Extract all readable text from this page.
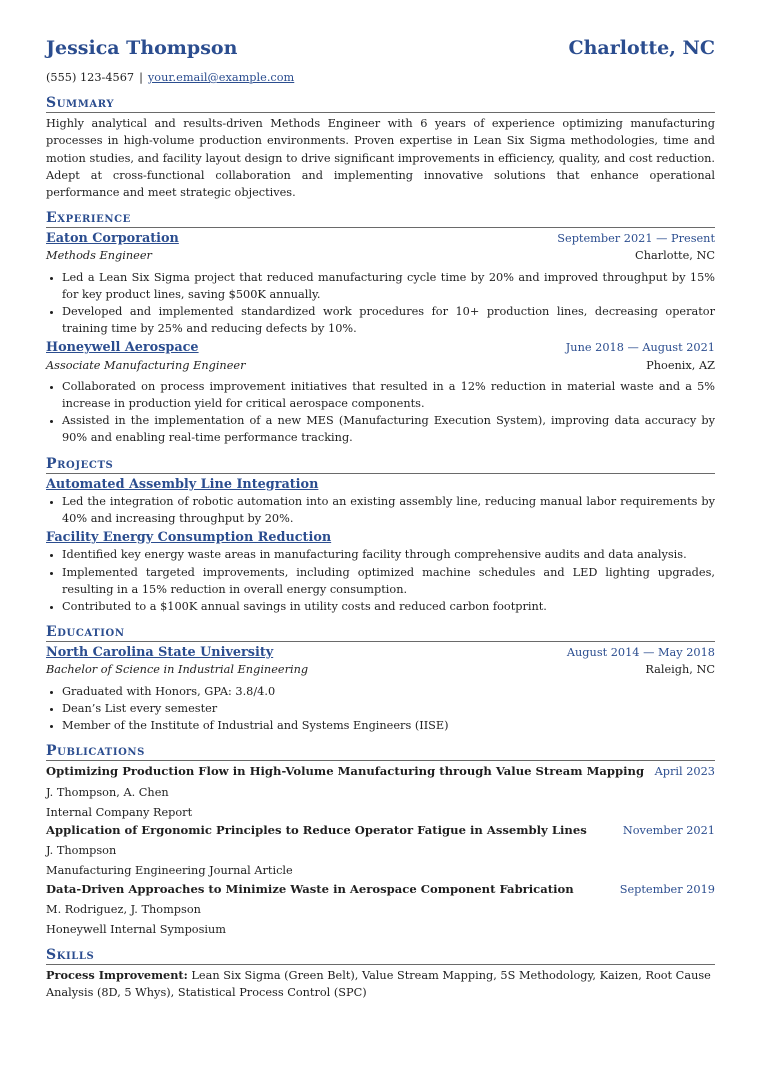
Jessica Thompson	Charlotte, NC
(555) 123-4567 | your.email@example.com
Summary
Highly analytical and results-driven Methods Engineer with 6 years of experience optimizing manufacturing processes in high-volume production environments. Proven expertise in Lean Six Sigma methodologies, time and motion studies, and facility layout design to drive significant improvements in efficiency, quality, and cost reduction. Adept at cross-functional collaboration and implementing innovative solutions that enhance operational performance and meet strategic objectives.
Experience
Eaton Corporation	September 2021 — Present
Methods Engineer	Charlotte, NC
• Led a Lean Six Sigma project that reduced manufacturing cycle time by 20% and improved throughput by 15% for key product lines, saving $500K annually.
• Developed and implemented standardized work procedures for 10+ production lines, decreasing operator training time by 25% and reducing defects by 10%.
Honeywell Aerospace	June 2018 — August 2021
Associate Manufacturing Engineer	Phoenix, AZ
• Collaborated on process improvement initiatives that resulted in a 12% reduction in material waste and a 5% increase in production yield for critical aerospace components.
• Assisted in the implementation of a new MES (Manufacturing Execution System), improving data accuracy by 90% and enabling real-time performance tracking.
Projects
Automated Assembly Line Integration
• Led the integration of robotic automation into an existing assembly line, reducing manual labor requirements by 40% and increasing throughput by 20%.
Facility Energy Consumption Reduction
• Identified key energy waste areas in manufacturing facility through comprehensive audits and data analysis.
• Implemented targeted improvements, including optimized machine schedules and LED lighting upgrades, resulting in a 15% reduction in overall energy consumption.
• Contributed to a $100K annual savings in utility costs and reduced carbon footprint.
Education
North Carolina State University	August 2014 — May 2018
Bachelor of Science in Industrial Engineering	Raleigh, NC
• Graduated with Honors, GPA: 3.8/4.0
• Dean’s List every semester
• Member of the Institute of Industrial and Systems Engineers (IISE)
Publications
Optimizing Production Flow in High-Volume Manufacturing through Value Stream Mapping April 2023
J. Thompson, A. Chen
Internal Company Report
Application of Ergonomic Principles to Reduce Operator Fatigue in Assembly Lines	November 2021
J. Thompson
Manufacturing Engineering Journal Article
Data-Driven Approaches to Minimize Waste in Aerospace Component Fabrication	September 2019
M. Rodriguez, J. Thompson
Honeywell Internal Symposium
Skills
Process Improvement: Lean Six Sigma (Green Belt), Value Stream Mapping, 5S Methodology, Kaizen, Root Cause Analysis (8D, 5 Whys), Statistical Process Control (SPC)
